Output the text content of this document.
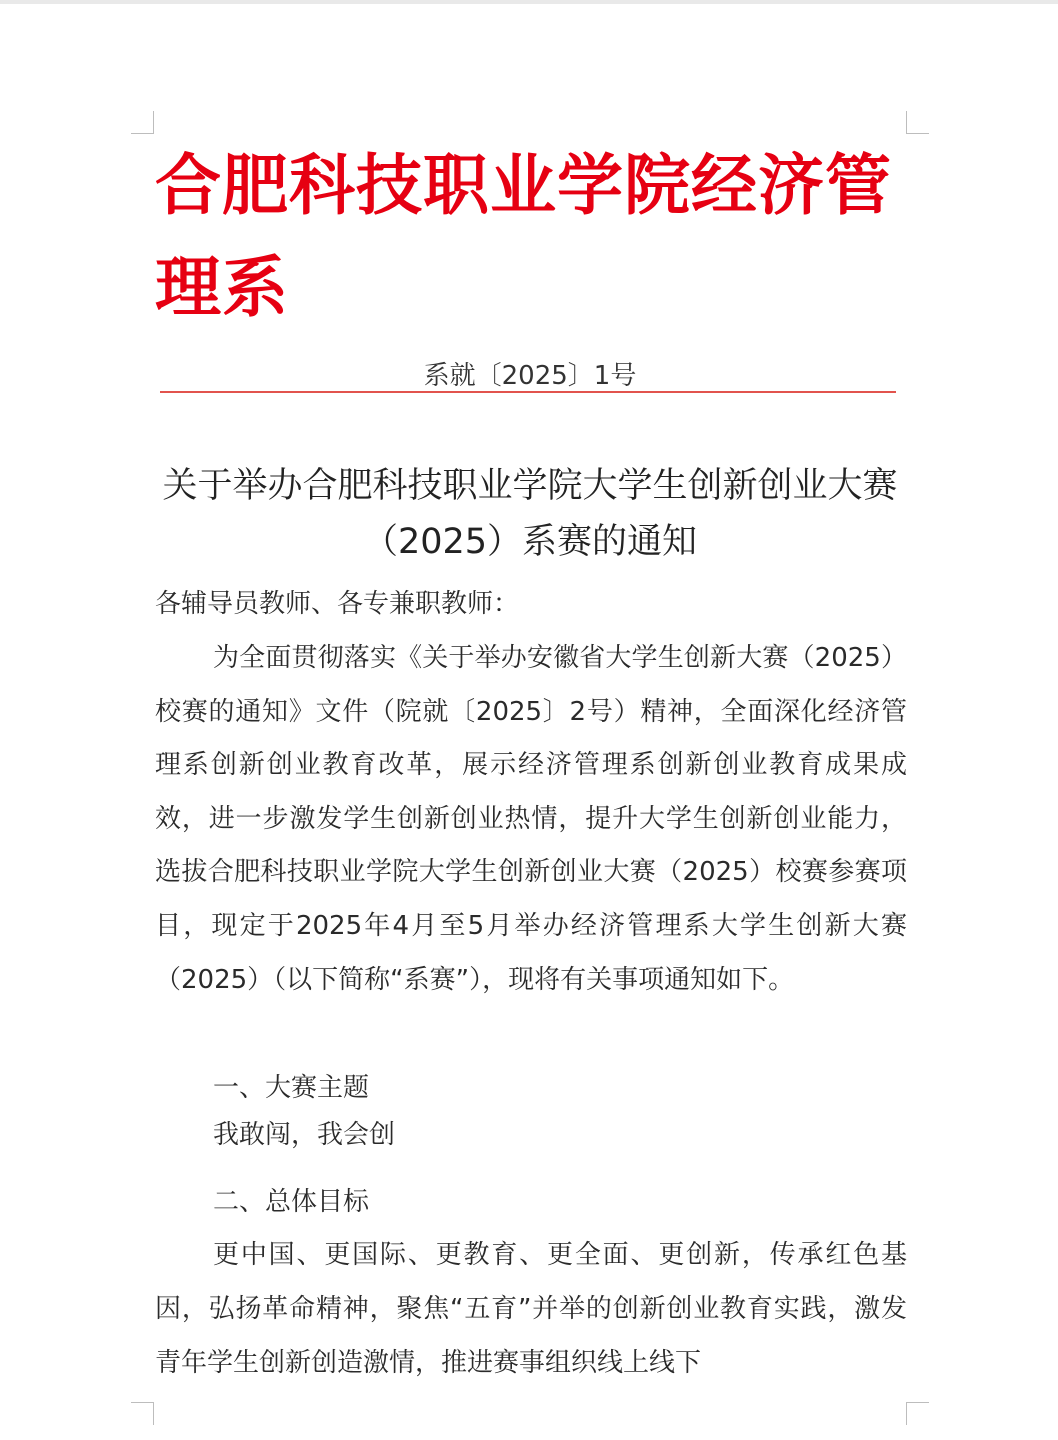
合肥科技职业学院经济管理系
系就〔2025〕1号
关于举办合肥科技职业学院大学生创新创业大赛（2025）系赛的通知
各辅导员教师、各专兼职教师：
为全面贯彻落实《关于举办安徽省大学生创新大赛（2025）校赛的通知》文件（院就〔2025〕2号）精神，全面深化经济管理系创新创业教育改革，展示经济管理系创新创业教育成果成效，进一步激发学生创新创业热情，提升大学生创新创业能力，选拔合肥科技职业学院大学生创新创业大赛（2025）校赛参赛项目，现定于2025年4月至5月举办经济管理系大学生创新大赛（2025）（以下简称“系赛”），现将有关事项通知如下。
一、大赛主题
我敢闯，我会创
二、总体目标
更中国、更国际、更教育、更全面、更创新，传承红色基因，弘扬革命精神，聚焦“五育”并举的创新创业教育实践，激发青年学生创新创造激情，推进赛事组织线上线下
